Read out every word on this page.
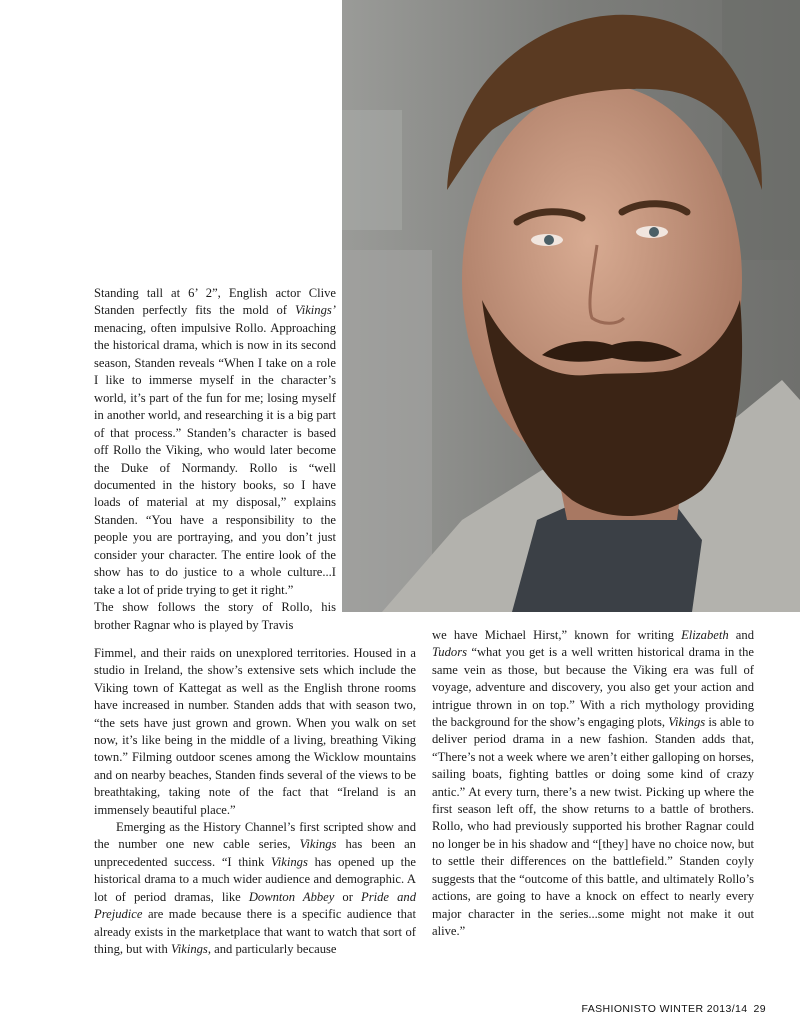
Standing tall at 6’ 2”, English actor Clive Standen perfectly fits the mold of Vikings’ menacing, often impulsive Rollo. Approaching the historical drama, which is now in its second season, Standen reveals “When I take on a role I like to immerse myself in the character’s world, it’s part of the fun for me; losing myself in another world, and researching it is a big part of that process.” Standen’s character is based off Rollo the Viking, who would later become the Duke of Normandy. Rollo is “well documented in the history books, so I have loads of material at my disposal,” explains Standen. “You have a responsibility to the people you are portraying, and you don’t just consider your character. The entire look of the show has to do justice to a whole culture...I take a lot of pride trying to get it right.”

The show follows the story of Rollo, his brother Ragnar who is played by Travis

Fimmel, and their raids on unexplored territories. Housed in a studio in Ireland, the show’s extensive sets which include the Viking town of Kattegat as well as the English throne rooms have increased in number. Standen adds that with season two, “the sets have just grown and grown. When you walk on set now, it’s like being in the middle of a living, breathing Viking town.” Filming outdoor scenes among the Wicklow mountains and on nearby beaches, Standen finds several of the views to be breathtaking, taking note of the fact that “Ireland is an immensely beautiful place.”

Emerging as the History Channel’s first scripted show and the number one new cable series, Vikings has been an unprecedented success. “I think Vikings has opened up the historical drama to a much wider audience and demographic. A lot of period dramas, like Downton Abbey or Pride and Prejudice are made because there is a specific audience that already exists in the marketplace that want to watch that sort of thing, but with Vikings, and particularly because

we have Michael Hirst,” known for writing Elizabeth and Tudors “what you get is a well written historical drama in the same vein as those, but because the Viking era was full of voyage, adventure and discovery, you also get your action and intrigue thrown in on top.” With a rich mythology providing the background for the show’s engaging plots, Vikings is able to deliver period drama in a new fashion. Standen adds that, “There’s not a week where we aren’t either galloping on horses, sailing boats, fighting battles or doing some kind of crazy antic.” At every turn, there’s a new twist. Picking up where the first season left off, the show returns to a battle of brothers. Rollo, who had previously supported his brother Ragnar could no longer be in his shadow and “[they] have no choice now, but to settle their differences on the battlefield.” Standen coyly suggests that the “outcome of this battle, and ultimately Rollo’s actions, are going to have a knock on effect to nearly every major character in the series...some might not make it out alive.”

FASHIONISTO WINTER 2013/14 29
